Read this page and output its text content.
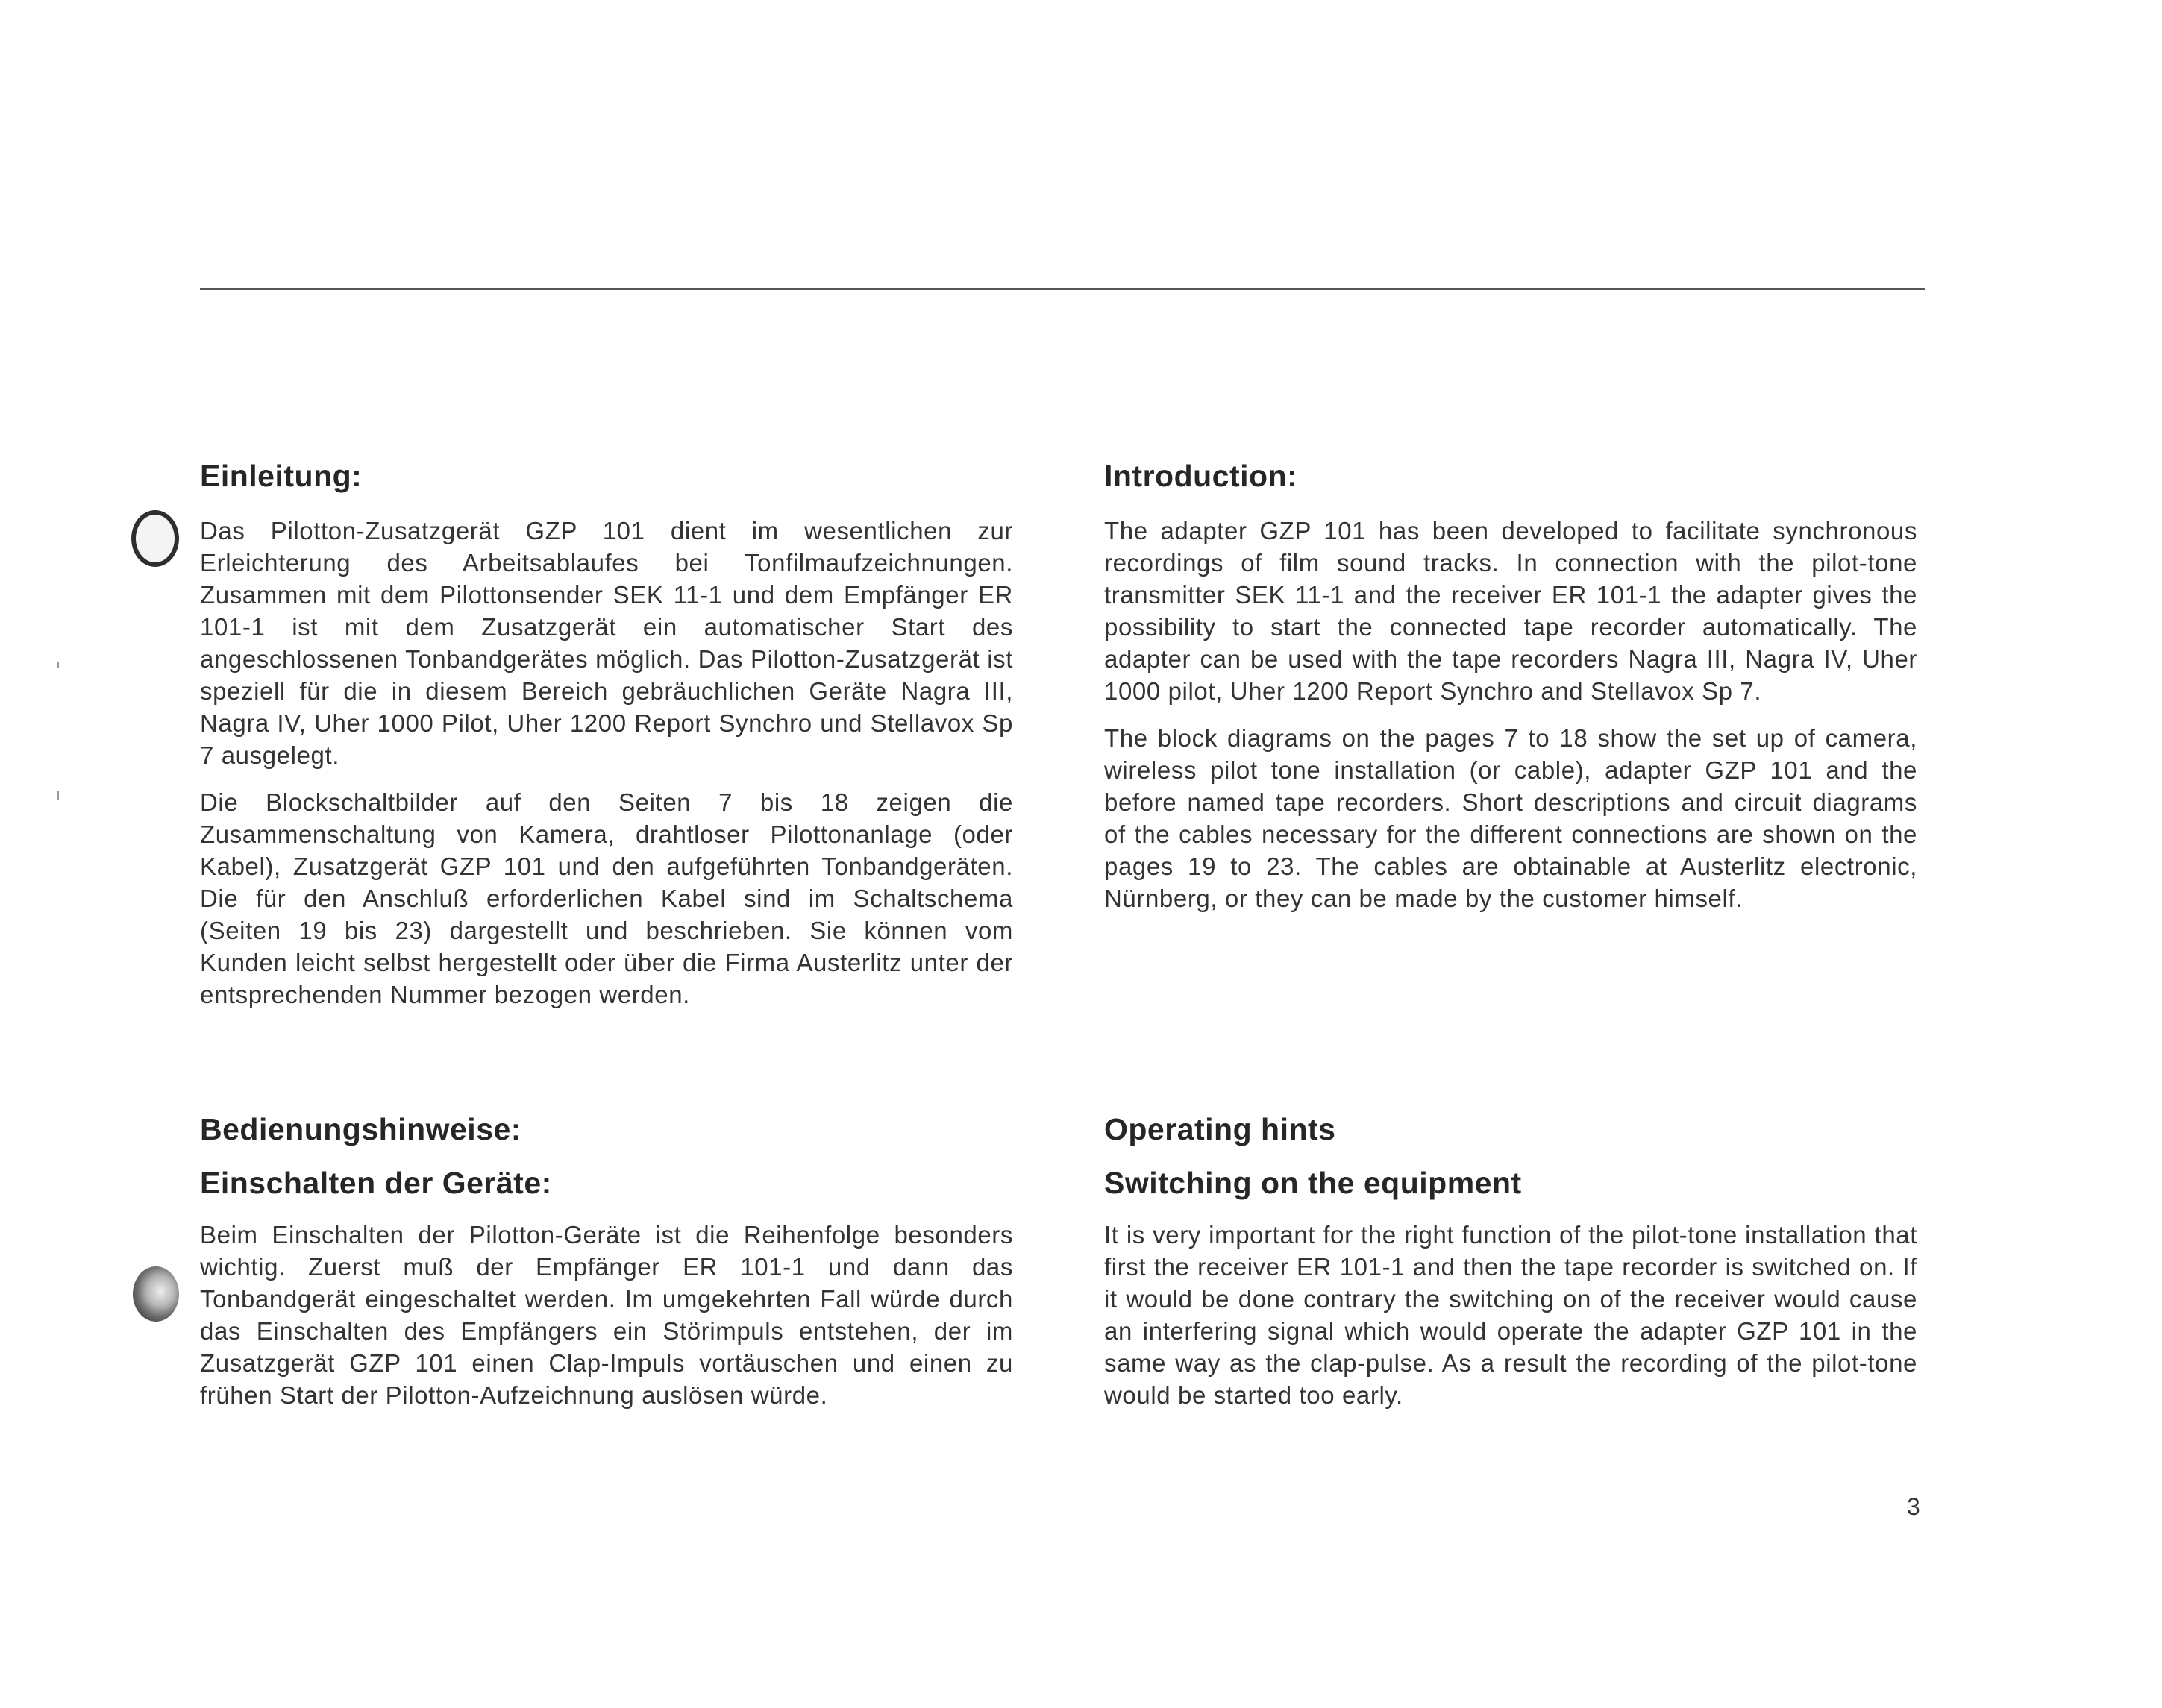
Einleitung:

Das Pilotton-Zusatzgerät GZP 101 dient im wesentlichen zur Erleichterung des Arbeitsablaufes bei Tonfilmaufzeichnungen. Zusammen mit dem Pilottonsender SEK 11-1 und dem Empfänger ER 101-1 ist mit dem Zusatzgerät ein automatischer Start des angeschlossenen Tonbandgerätes möglich. Das Pilotton-Zusatzgerät ist speziell für die in diesem Bereich gebräuchlichen Geräte Nagra III, Nagra IV, Uher 1000 Pilot, Uher 1200 Report Synchro und Stellavox Sp 7 ausgelegt.

Die Blockschaltbilder auf den Seiten 7 bis 18 zeigen die Zusammenschaltung von Kamera, drahtloser Pilottonanlage (oder Kabel), Zusatzgerät GZP 101 und den aufgeführten Tonbandgeräten. Die für den Anschluß erforderlichen Kabel sind im Schaltschema (Seiten 19 bis 23) dargestellt und beschrieben. Sie können vom Kunden leicht selbst hergestellt oder über die Firma Austerlitz unter der entsprechenden Nummer bezogen werden.

Introduction:

The adapter GZP 101 has been developed to facilitate synchronous recordings of film sound tracks. In connection with the pilot-tone transmitter SEK 11-1 and the receiver ER 101-1 the adapter gives the possibility to start the connected tape recorder automatically. The adapter can be used with the tape recorders Nagra III, Nagra IV, Uher 1000 pilot, Uher 1200 Report Synchro and Stellavox Sp 7.

The block diagrams on the pages 7 to 18 show the set up of camera, wireless pilot tone installation (or cable), adapter GZP 101 and the before named tape recorders. Short descriptions and circuit diagrams of the cables necessary for the different connections are shown on the pages 19 to 23. The cables are obtainable at Austerlitz electronic, Nürnberg, or they can be made by the customer himself.

Bedienungshinweise:
Einschalten der Geräte:

Beim Einschalten der Pilotton-Geräte ist die Reihenfolge besonders wichtig. Zuerst muß der Empfänger ER 101-1 und dann das Tonbandgerät eingeschaltet werden. Im umgekehrten Fall würde durch das Einschalten des Empfängers ein Störimpuls entstehen, der im Zusatzgerät GZP 101 einen Clap-Impuls vortäuschen und einen zu frühen Start der Pilotton-Aufzeichnung auslösen würde.

Operating hints
Switching on the equipment

It is very important for the right function of the pilot-tone installation that first the receiver ER 101-1 and then the tape recorder is switched on. If it would be done contrary the switching on of the receiver would cause an interfering signal which would operate the adapter GZP 101 in the same way as the clap-pulse. As a result the recording of the pilot-tone would be started too early.

3
